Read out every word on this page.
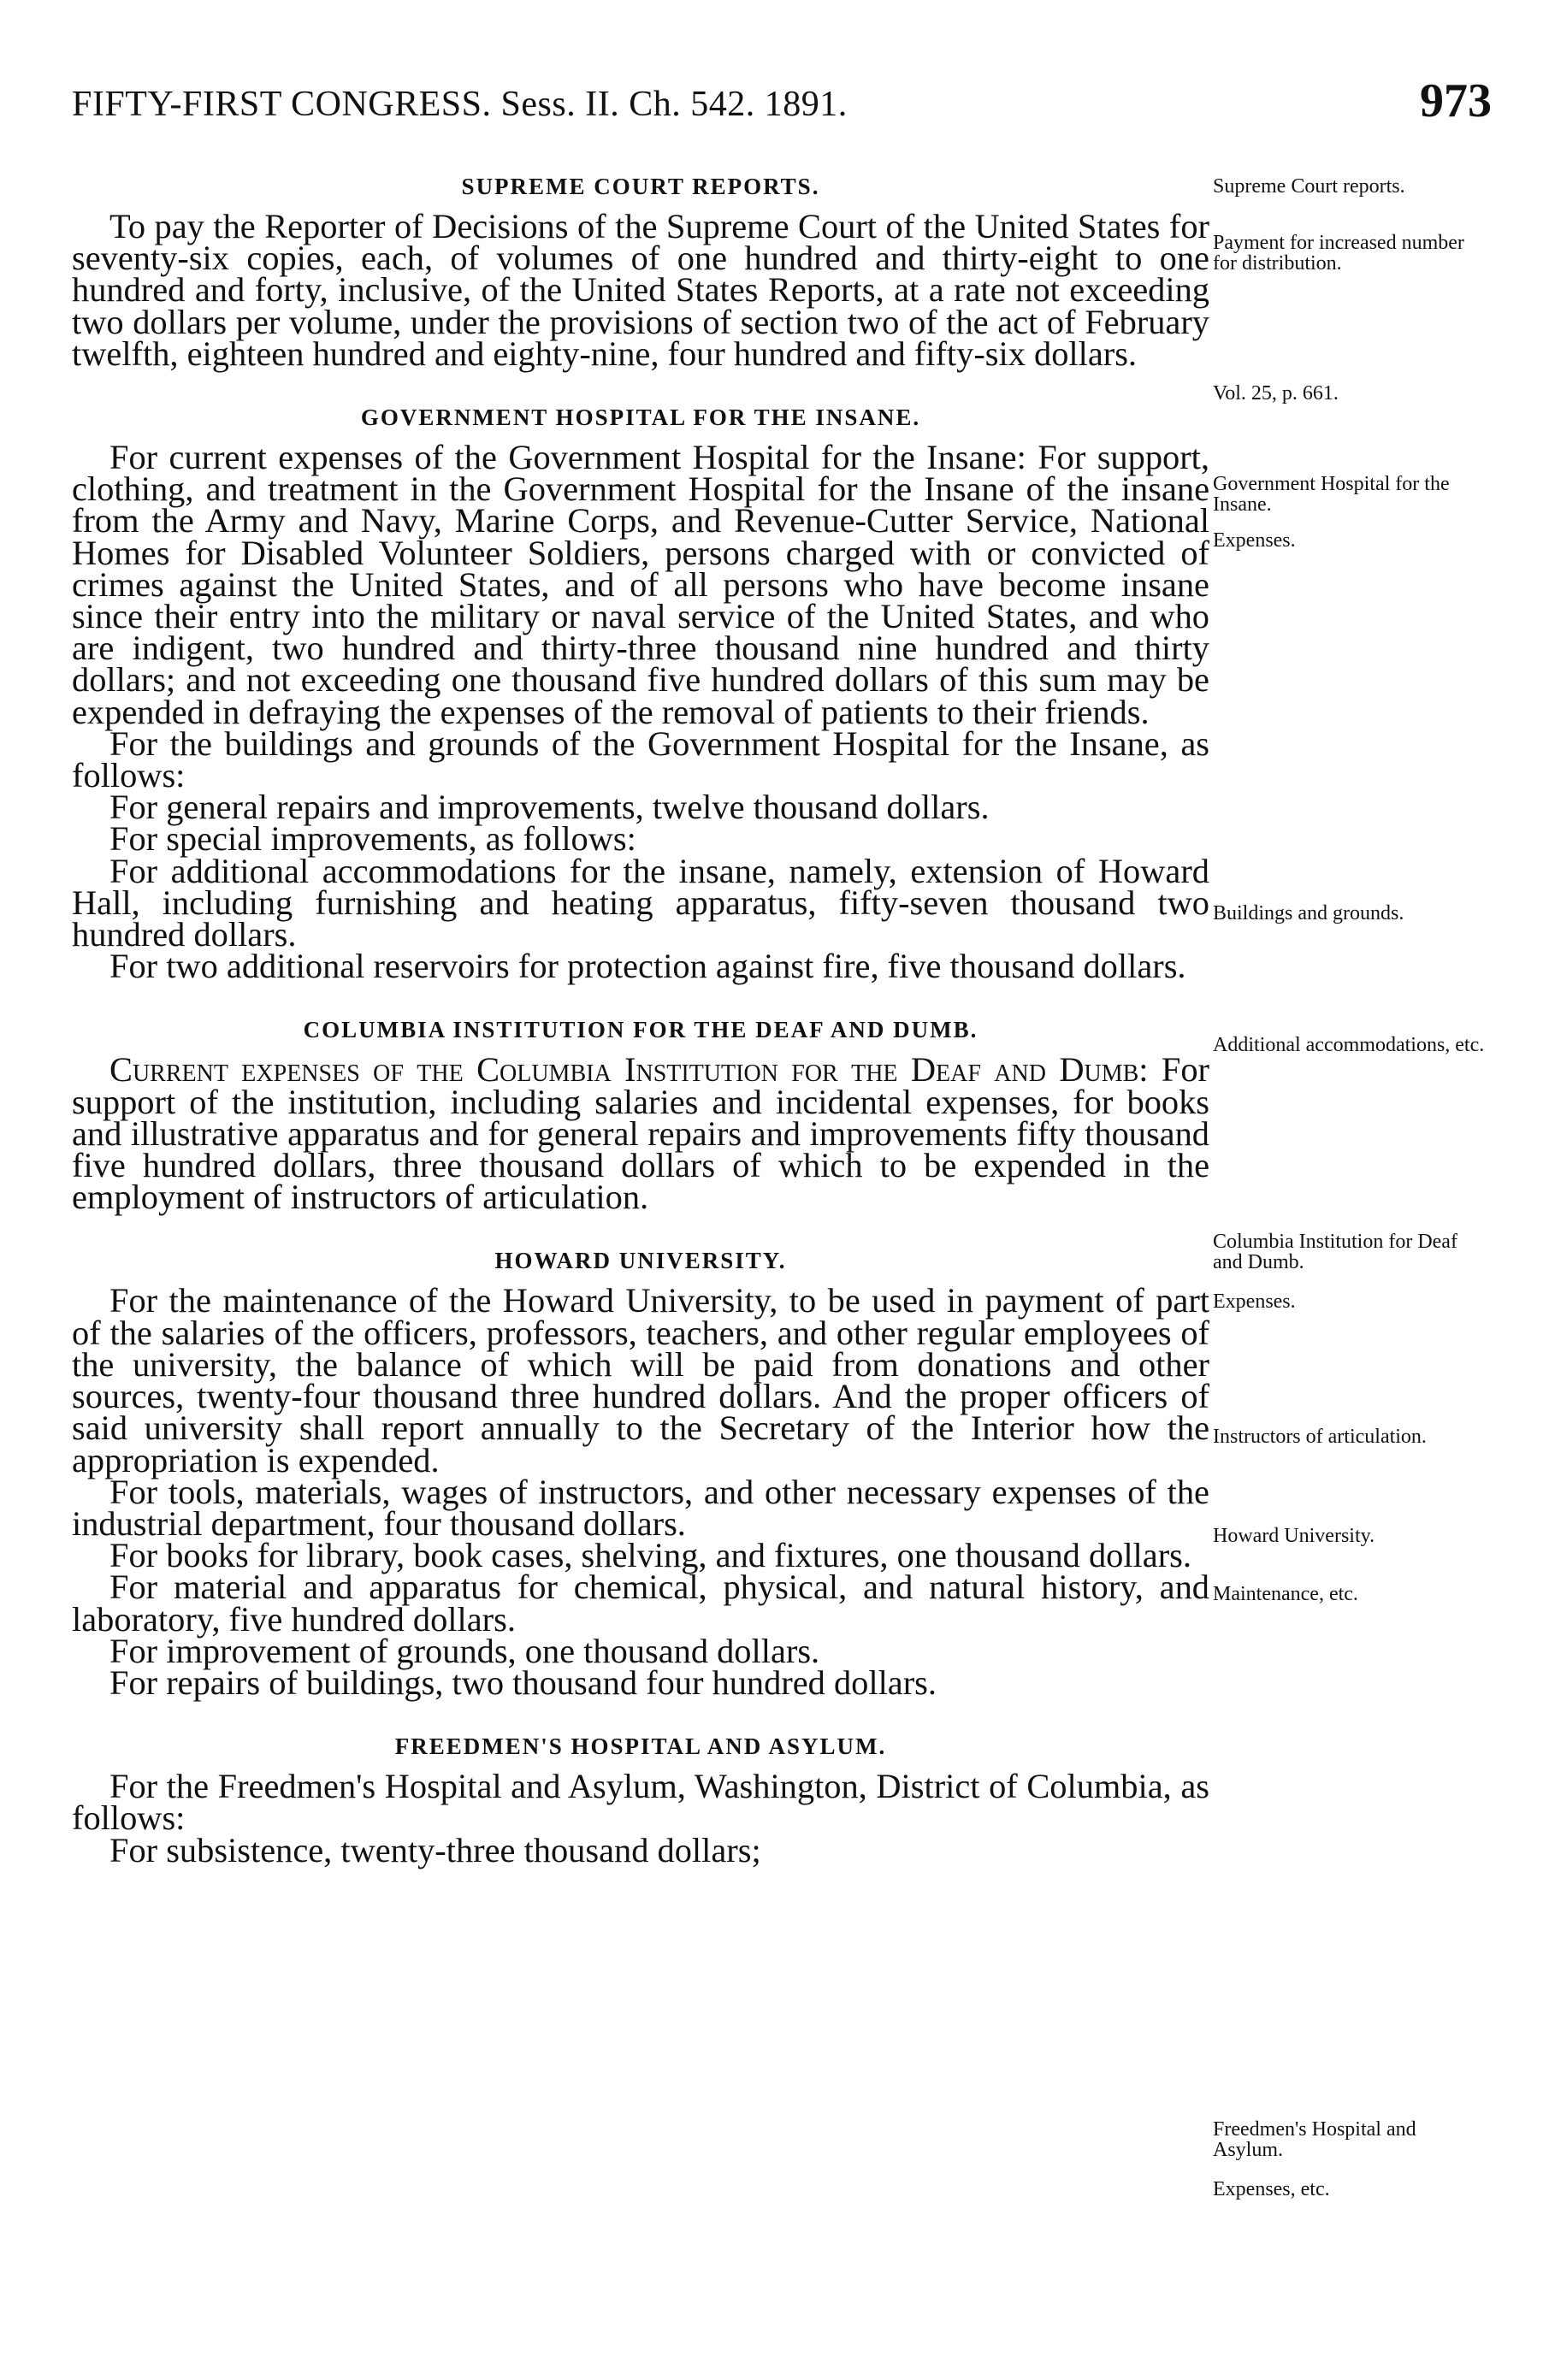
FIFTY-FIRST CONGRESS. Sess. II. Ch. 542. 1891.	973
SUPREME COURT REPORTS.

To pay the Reporter of Decisions of the Supreme Court of the United States for seventy-six copies, each, of volumes of one hundred and thirty-eight to one hundred and forty, inclusive, of the United States Reports, at a rate not exceeding two dollars per volume, under the provisions of section two of the act of February twelfth, eighteen hundred and eighty-nine, four hundred and fifty-six dollars.

GOVERNMENT HOSPITAL FOR THE INSANE.

For current expenses of the Government Hospital for the Insane: For support, clothing, and treatment in the Government Hospital for the Insane of the insane from the Army and Navy, Marine Corps, and Revenue-Cutter Service, National Homes for Disabled Volunteer Soldiers, persons charged with or convicted of crimes against the United States, and of all persons who have become insane since their entry into the military or naval service of the United States, and who are indigent, two hundred and thirty-three thousand nine hundred and thirty dollars; and not exceeding one thousand five hundred dollars of this sum may be expended in defraying the expenses of the removal of patients to their friends.

For the buildings and grounds of the Government Hospital for the Insane, as follows:

For general repairs and improvements, twelve thousand dollars.

For special improvements, as follows:

For additional accommodations for the insane, namely, extension of Howard Hall, including furnishing and heating apparatus, fifty-seven thousand two hundred dollars.

For two additional reservoirs for protection against fire, five thousand dollars.

COLUMBIA INSTITUTION FOR THE DEAF AND DUMB.

Current expenses of the Columbia Institution for the Deaf and Dumb: For support of the institution, including salaries and incidental expenses, for books and illustrative apparatus and for general repairs and improvements fifty thousand five hundred dollars, three thousand dollars of which to be expended in the employment of instructors of articulation.

HOWARD UNIVERSITY.

For the maintenance of the Howard University, to be used in payment of part of the salaries of the officers, professors, teachers, and other regular employees of the university, the balance of which will be paid from donations and other sources, twenty-four thousand three hundred dollars. And the proper officers of said university shall report annually to the Secretary of the Interior how the appropriation is expended.

For tools, materials, wages of instructors, and other necessary expenses of the industrial department, four thousand dollars.

For books for library, book cases, shelving, and fixtures, one thousand dollars.

For material and apparatus for chemical, physical, and natural history, and laboratory, five hundred dollars.

For improvement of grounds, one thousand dollars.

For repairs of buildings, two thousand four hundred dollars.

FREEDMEN'S HOSPITAL AND ASYLUM.

For the Freedmen's Hospital and Asylum, Washington, District of Columbia, as follows:

For subsistence, twenty-three thousand dollars;

Supreme Court reports.
Payment for increased number for distribution.
Vol. 25, p. 661.
Government Hospital for the Insane.
Expenses.
Buildings and grounds.
Additional accommodations, etc.
Columbia Institution for Deaf and Dumb.
Expenses.
Instructors of articulation.
Howard University.
Maintenance, etc.
Freedmen's Hospital and Asylum.
Expenses, etc.
